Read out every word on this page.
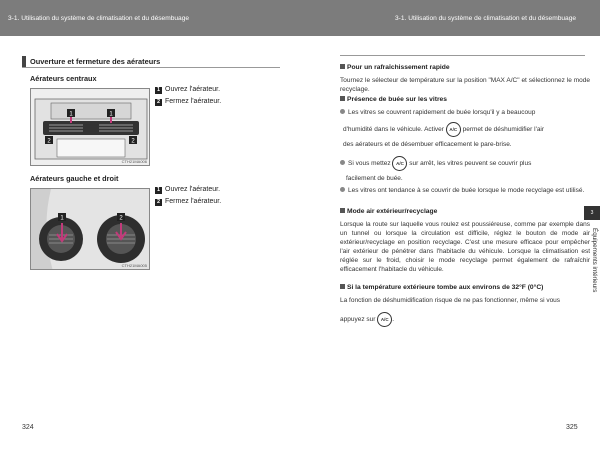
3-1. Utilisation du système de climatisation et du désembuage	3-1. Utilisation du système de climatisation et du désembuage
Ouverture et fermeture des aérateurs
Aérateurs centraux
1	1
2	2
CTH21MA006
1 Ouvrez l'aérateur.
2 Fermez l'aérateur.
Aérateurs gauche et droit
1	2
CTH21MA005
1 Ouvrez l'aérateur.
2 Fermez l'aérateur.
324
Pour un rafraîchissement rapide
Tournez le sélecteur de température sur la position "MAX A/C" et sélectionnez le mode recyclage.
Présence de buée sur les vitres
Les vitres se couvrent rapidement de buée lorsqu'il y a beaucoup
d'humidité dans le véhicule. Activer A/C permet de déshumidifier l'air
des aérateurs et de désembuer efficacement le pare-brise.
Si vous mettez A/C sur arrêt, les vitres peuvent se couvrir plus
facilement de buée.
Les vitres ont tendance à se couvrir de buée lorsque le mode recyclage est utilisé.
Mode air extérieur/recyclage
Lorsque la route sur laquelle vous roulez est poussiéreuse, comme par exemple dans un tunnel ou lorsque la circulation est difficile, réglez le bouton de mode air extérieur/recyclage en position recyclage. C'est une mesure efficace pour empêcher l'air extérieur de pénétrer dans l'habitacle du véhicule. Lorsque la climatisation est réglée sur le froid, choisir le mode recyclage permet également de rafraîchir efficacement l'habitacle du véhicule.
Si la température extérieure tombe aux environs de 32°F (0°C)
La fonction de déshumidification risque de ne pas fonctionner, même si vous
appuyez sur A/C .
3
Équipements intérieurs
325
